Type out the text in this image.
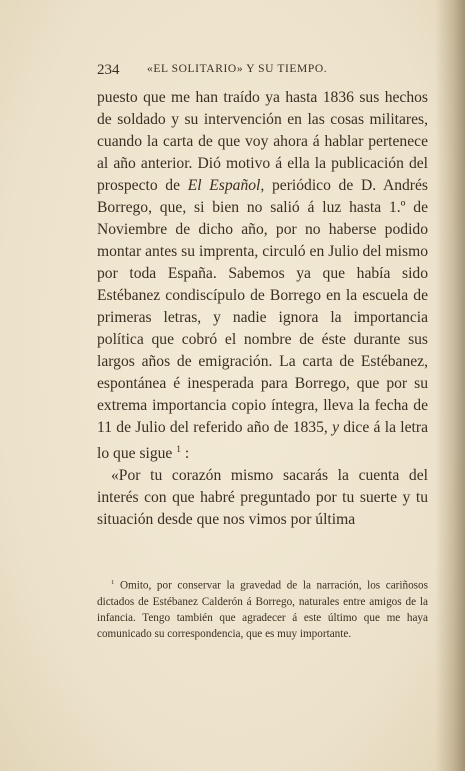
234 «EL SOLITARIO» Y SU TIEMPO.

puesto que me han traído ya hasta 1836 sus hechos de soldado y su intervención en las cosas militares, cuando la carta de que voy ahora á hablar pertenece al año anterior. Dió motivo á ella la publicación del prospecto de El Español, periódico de D. Andrés Borrego, que, si bien no salió á luz hasta 1.º de Noviembre de dicho año, por no haberse podido montar antes su imprenta, circuló en Julio del mismo por toda España. Sabemos ya que había sido Estébanez condiscípulo de Borrego en la escuela de primeras letras, y nadie ignora la importancia política que cobró el nombre de éste durante sus largos años de emigración. La carta de Estébanez, espontánea é inesperada para Borrego, que por su extrema importancia copio íntegra, lleva la fecha de 11 de Julio del referido año de 1835, y dice á la letra lo que sigue $^1$ :

«Por tu corazón mismo sacarás la cuenta del interés con que habré preguntado por tu suerte y tu situación desde que nos vimos por última

$^1$ Omito, por conservar la gravedad de la narración, los cariñosos dictados de Estébanez Calderón á Borrego, naturales entre amigos de la infancia. Tengo también que agradecer á este último que me haya comunicado su correspondencia, que es muy importante.
